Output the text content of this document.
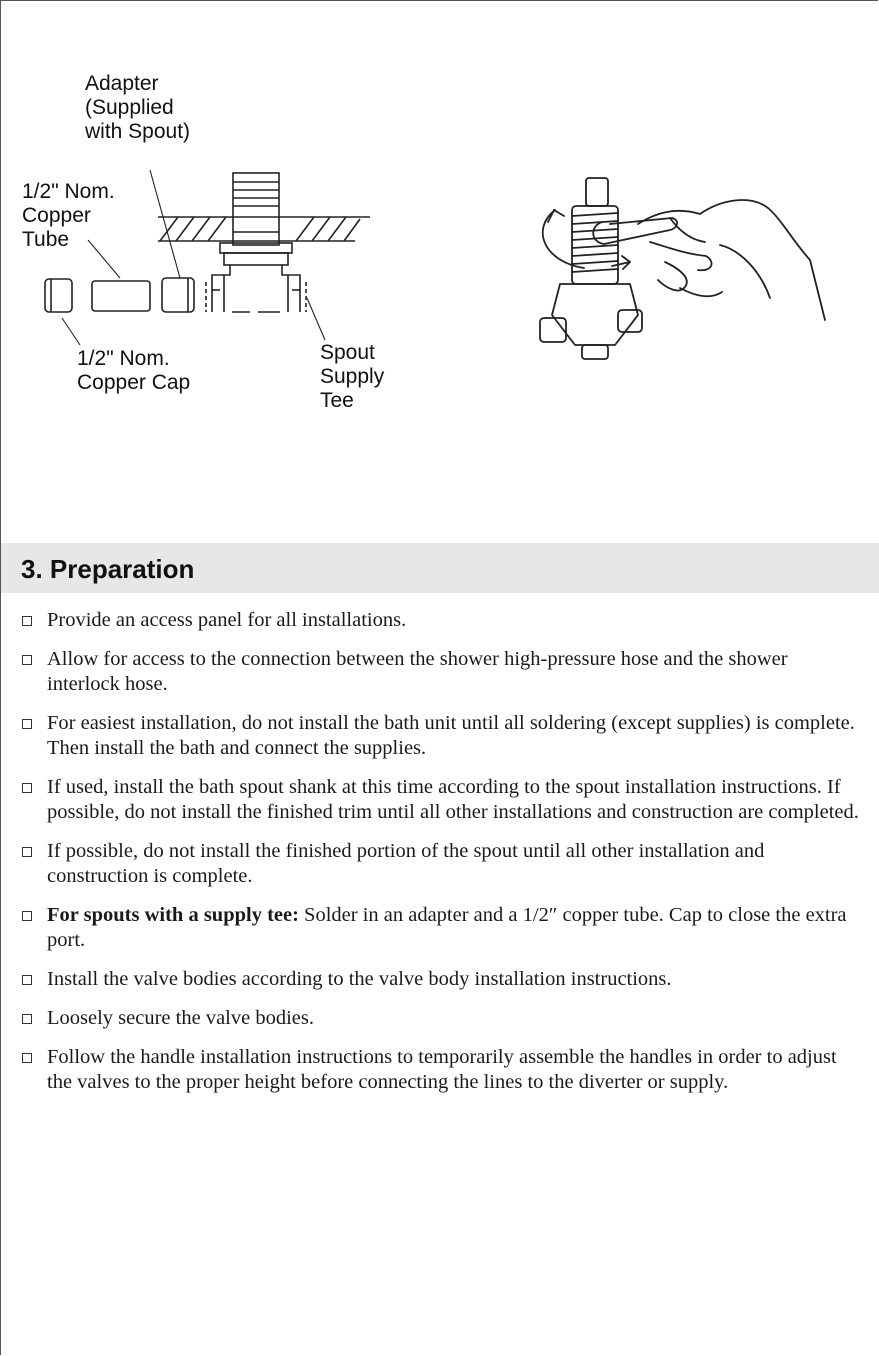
Adapter
(Supplied
with Spout)
1/2" Nom.
Copper
Tube
1/2" Nom.
Copper Cap
Spout
Supply
Tee
3. Preparation
Provide an access panel for all installations.
Allow for access to the connection between the shower high-pressure hose and the shower interlock hose.
For easiest installation, do not install the bath unit until all soldering (except supplies) is complete. Then install the bath and connect the supplies.
If used, install the bath spout shank at this time according to the spout installation instructions. If possible, do not install the finished trim until all other installations and construction are completed.
If possible, do not install the finished portion of the spout until all other installation and construction is complete.
For spouts with a supply tee: Solder in an adapter and a 1/2″ copper tube. Cap to close the extra port.
Install the valve bodies according to the valve body installation instructions.
Loosely secure the valve bodies.
Follow the handle installation instructions to temporarily assemble the handles in order to adjust the valves to the proper height before connecting the lines to the diverter or supply.
